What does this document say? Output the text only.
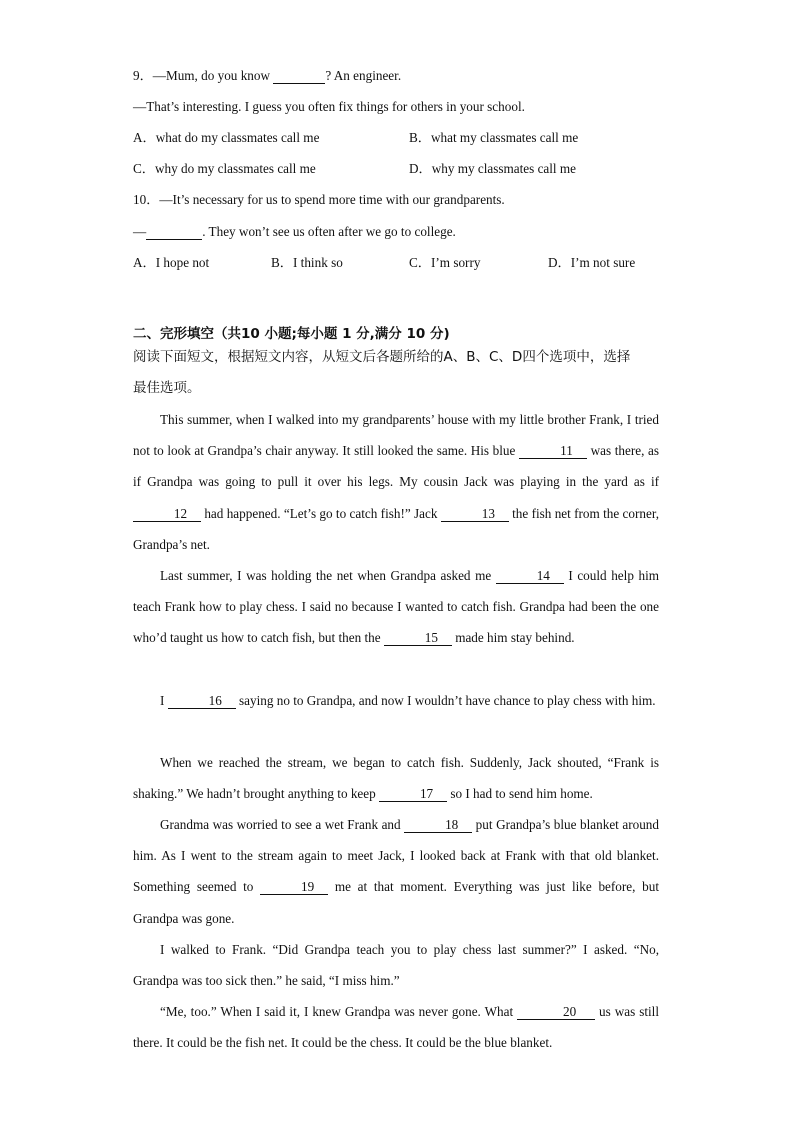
9．—Mum, do you know	? An engineer.
—That’s interesting. I guess you often fix things for others in your school.
A．what do my classmates call me	B．what my classmates call me
C．why do my classmates call me	D．why my classmates call me
10．—It’s necessary for us to spend more time with our grandparents.
—	. They won’t see us often after we go to college.
A．I hope not	B．I think so	C．I’m sorry	D．I’m not sure
二、完形填空（共10 小题;每小题 1 分,满分 10 分)
阅读下面短文，根据短文内容，从短文后各题所给的A、B、C、D四个选项中，选择
最佳选项。
This summer, when I walked into my grandparents’ house with my little brother Frank, I tried not to look at Grandpa’s chair anyway. It still looked the same. His blue	11 was there, as if Grandpa was going to pull it over his legs. My cousin Jack was playing in the yard as if 12 had happened. “Let’s go to catch fish!” Jack	13 the fish net from the corner, Grandpa’s net.
Last summer, I was holding the net when Grandpa asked me	14 I could help him teach Frank how to play chess. I said no because I wanted to catch fish. Grandpa had been the one who’d taught us how to catch fish, but then the	15 made him stay behind.
I	16 saying no to Grandpa, and now I wouldn’t have chance to play chess with him.
When we reached the stream, we began to catch fish. Suddenly, Jack shouted, “Frank is shaking.” We hadn’t brought anything to keep	17 so I had to send him home.
Grandma was worried to see a wet Frank and	18 put Grandpa’s blue blanket around him. As I went to the stream again to meet Jack, I looked back at Frank with that old blanket. Something seemed to	19 me at that moment. Everything was just like before, but Grandpa was gone.
I walked to Frank. “Did Grandpa teach you to play chess last summer?” I asked. “No, Grandpa was too sick then.” he said, “I miss him.”
“Me, too.” When I said it, I knew Grandpa was never gone. What	20 us was still there. It could be the fish net. It could be the chess. It could be the blue blanket.
